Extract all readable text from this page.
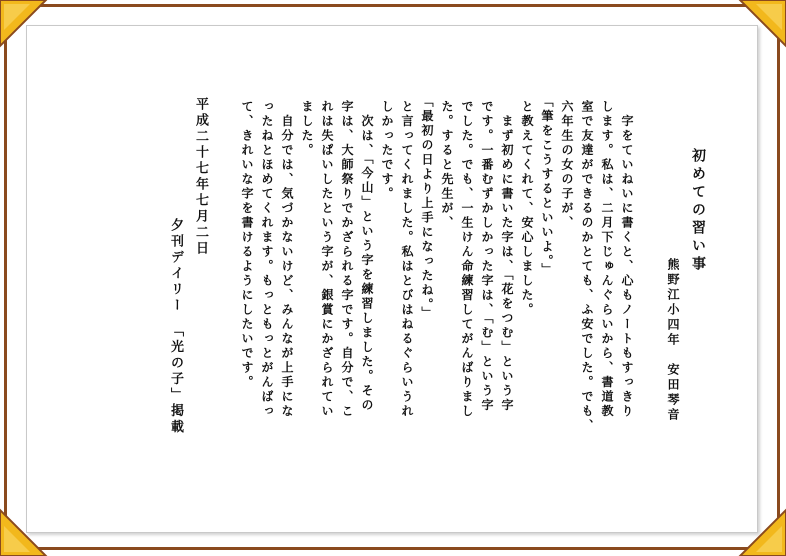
初めての習い事
熊野江小四年　安田琴音
　字をていねいに書くと、心もノートもすっきり
します。私は、二月下じゅんぐらいから、書道教
室で友達ができるのかとても、ふ安でした。でも、
六年生の女の子が、
「筆をこうするといいよ。」
と教えてくれて、安心しました。
　まず初めに書いた字は、「花をつむ」という字
です。一番むずかしかった字は、「む」という字
でした。でも、一生けん命練習してがんばりまし
た。すると先生が、
「最初の日より上手になったね。」
と言ってくれました。私はとびはねるぐらいうれ
しかったです。
　次は、「今山」という字を練習しました。その
字は、大師祭りでかざられる字です。自分で、こ
れは失ぱいしたという字が、銀賞にかざられてい
ました。
　自分では、気づかないけど、みんなが上手にな
ったねとほめてくれます。もっともっとがんばっ
て、きれいな字を書けるようにしたいです。
平成二十七年七月二日
夕刊デイリー　「光の子」掲載
